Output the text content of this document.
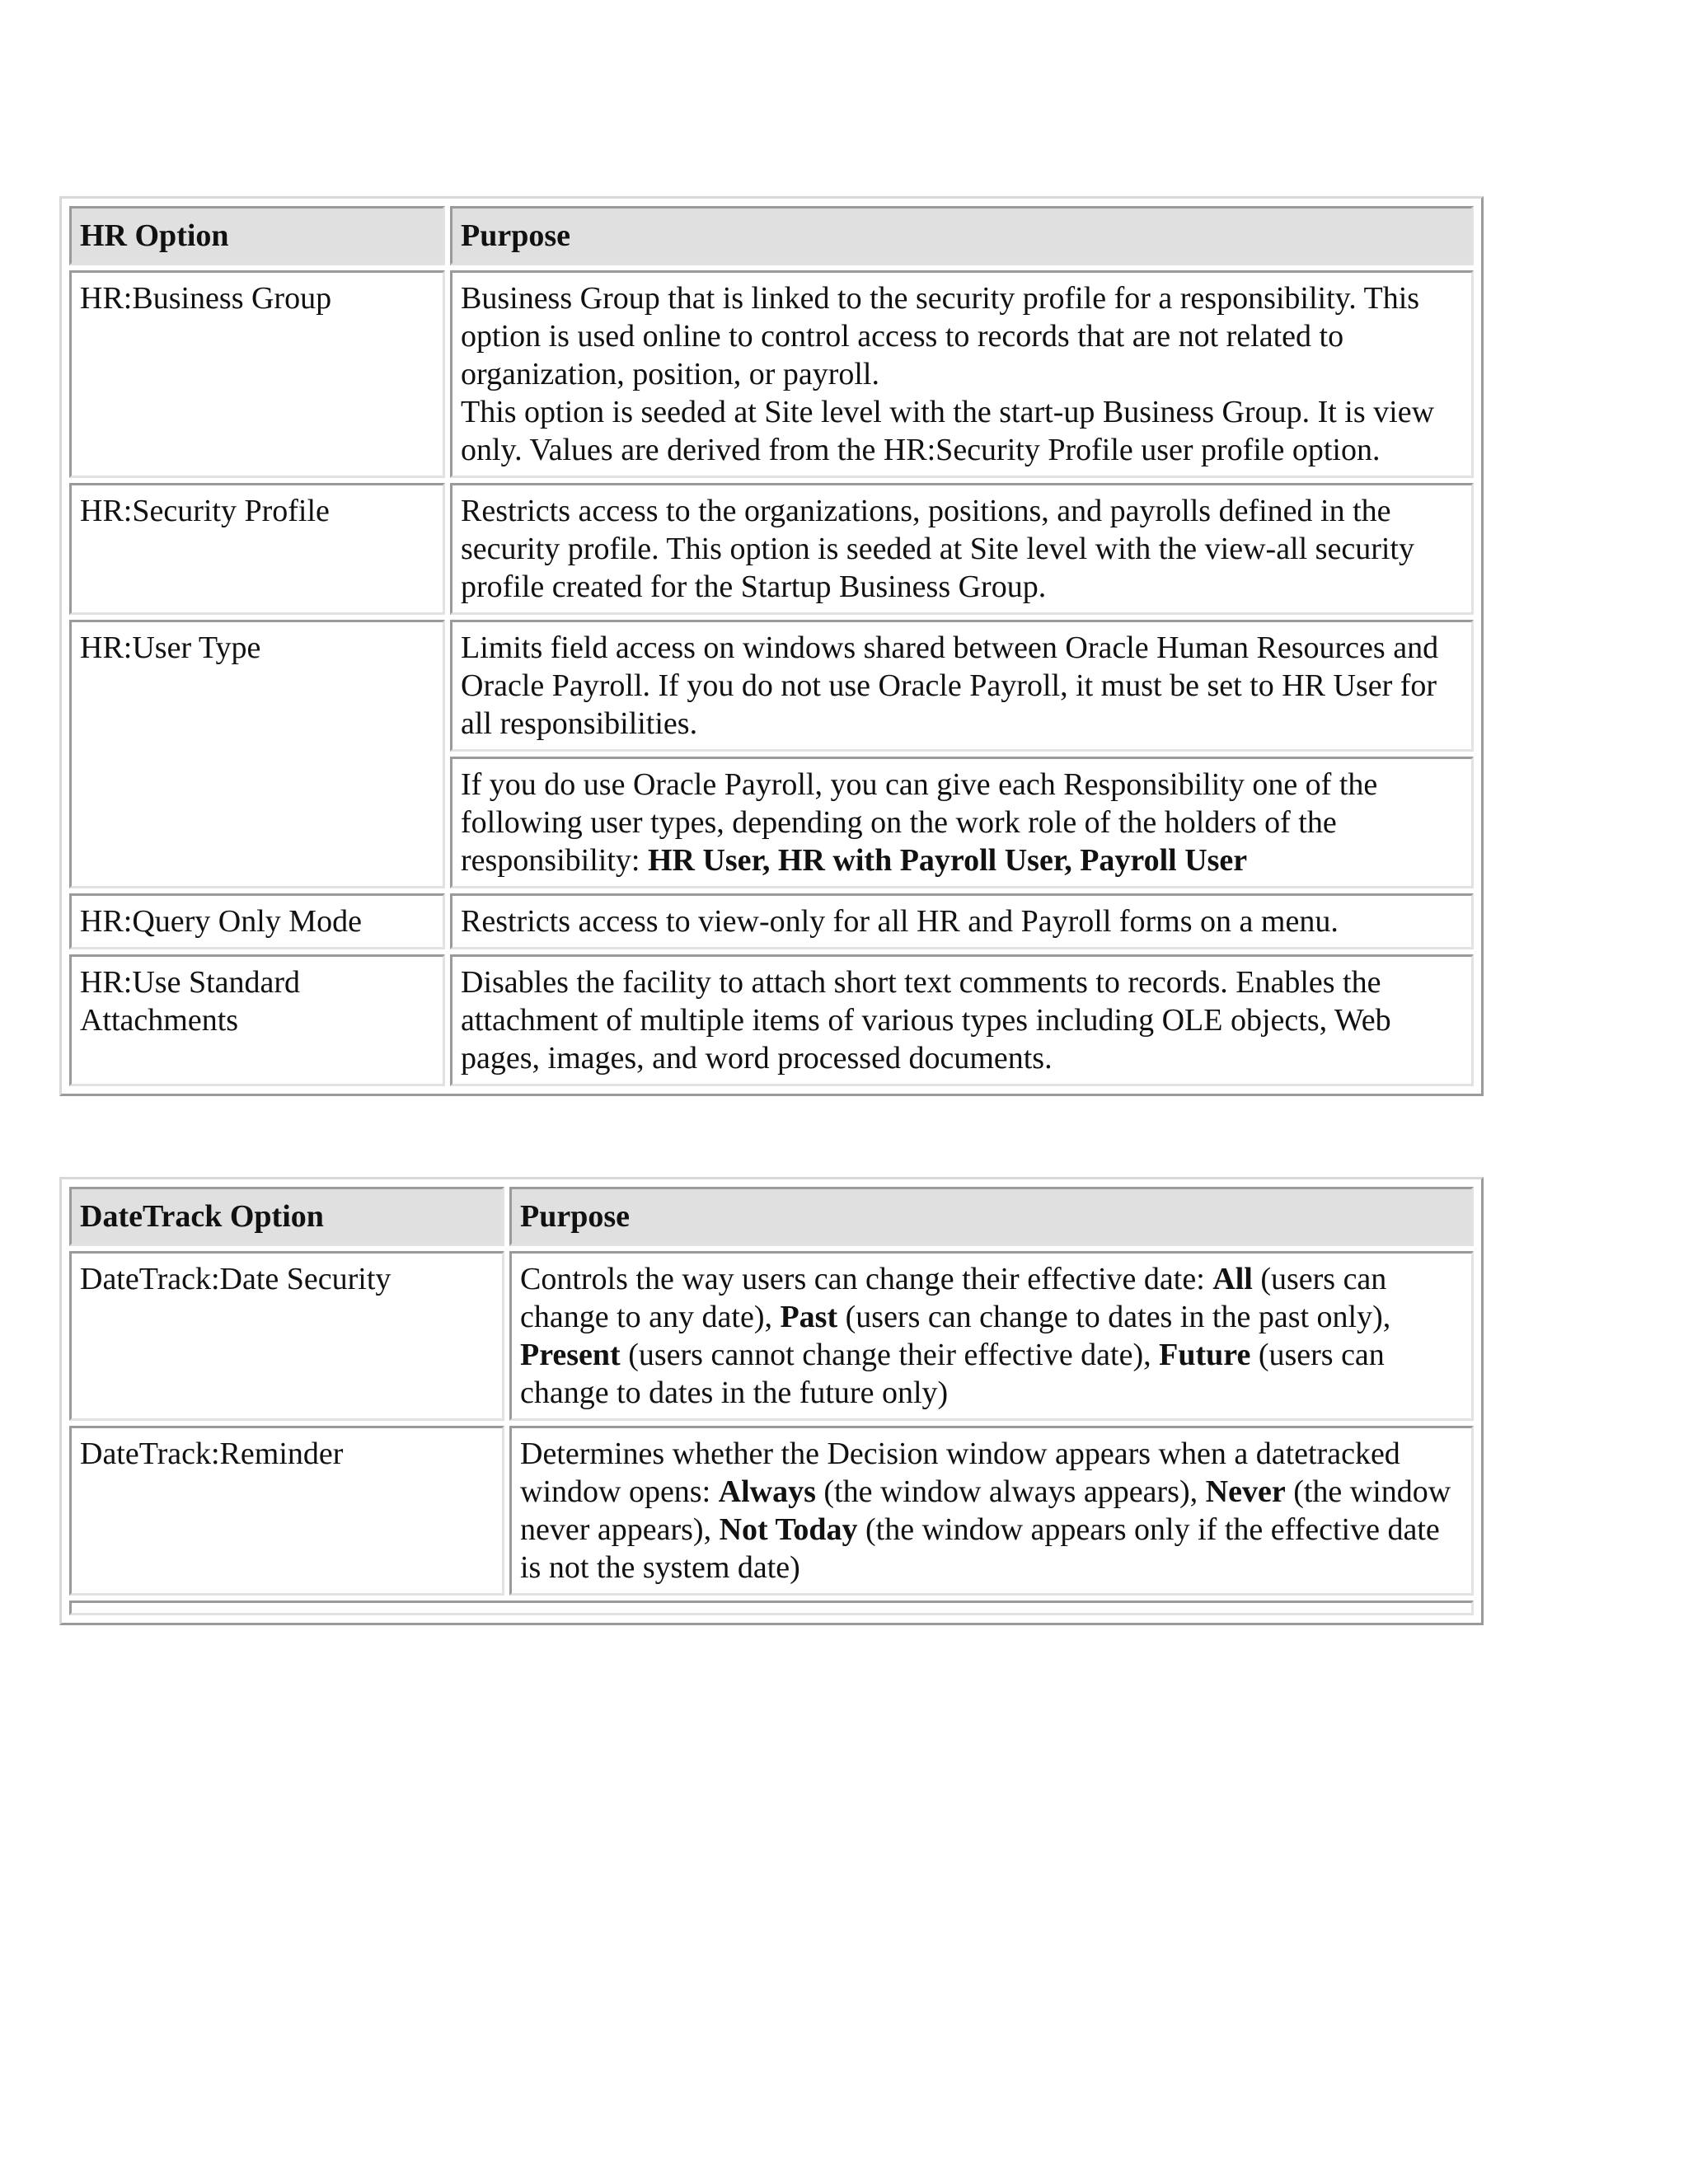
HR Option	Purpose
HR:Business Group	Business Group that is linked to the security profile for a responsibility. This option is used online to control access to records that are not related to organization, position, or payroll.
This option is seeded at Site level with the start-up Business Group. It is view only. Values are derived from the HR:Security Profile user profile option.

HR:Security Profile	Restricts access to the organizations, positions, and payrolls defined in the security profile. This option is seeded at Site level with the view-all security profile created for the Startup Business Group.
HR:User Type	Limits field access on windows shared between Oracle Human Resources and Oracle Payroll. If you do not use Oracle Payroll, it must be set to HR User for all responsibilities.
	If you do use Oracle Payroll, you can give each Responsibility one of the following user types, depending on the work role of the holders of the responsibility: HR User, HR with Payroll User, Payroll User
HR:Query Only Mode	Restricts access to view-only for all HR and Payroll forms on a menu.
HR:Use Standard Attachments	Disables the facility to attach short text comments to records. Enables the attachment of multiple items of various types including OLE objects, Web pages, images, and word processed documents.
DateTrack Option	Purpose
DateTrack:Date Security	Controls the way users can change their effective date: All (users can change to any date), Past (users can change to dates in the past only), Present (users cannot change their effective date), Future (users can change to dates in the future only)
DateTrack:Reminder	Determines whether the Decision window appears when a datetracked window opens: Always (the window always appears), Never (the window never appears), Not Today (the window appears only if the effective date is not the system date)
